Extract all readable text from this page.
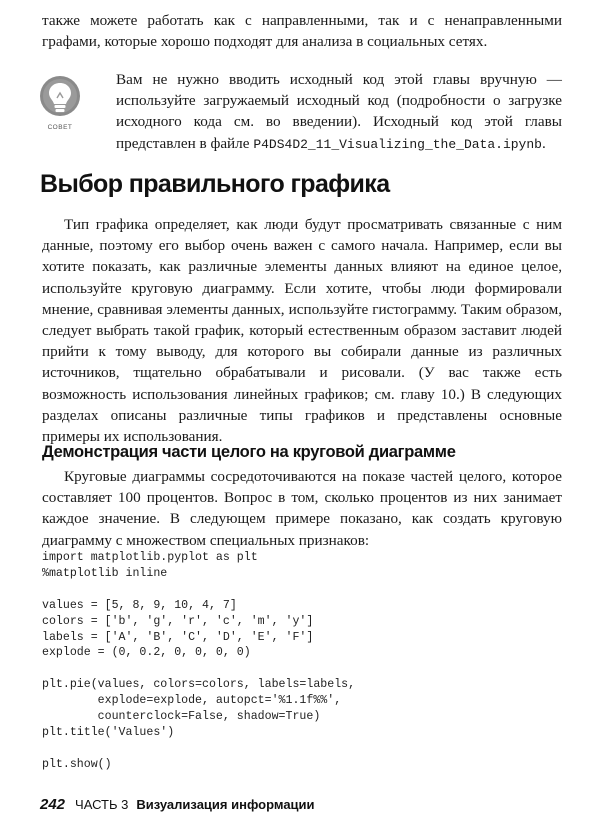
также можете работать как с направленными, так и с ненаправленными графами, которые хорошо подходят для анализа в социальных сетях.

СОВЕТ

Вам не нужно вводить исходный код этой главы вручную — используйте загружаемый исходный код (подробности о загрузке исходного кода см. во введении). Исходный код этой главы представлен в файле P4DS4D2_11_Visualizing_the_Data.ipynb.

Выбор правильного графика

Тип графика определяет, как люди будут просматривать связанные с ним данные, поэтому его выбор очень важен с самого начала. Например, если вы хотите показать, как различные элементы данных влияют на единое целое, используйте круговую диаграмму. Если хотите, чтобы люди формировали мнение, сравнивая элементы данных, используйте гистограмму. Таким образом, следует выбрать такой график, который естественным образом заставит людей прийти к тому выводу, для которого вы собирали данные из различных источников, тщательно обрабатывали и рисовали. (У вас также есть возможность использования линейных графиков; см. главу 10.) В следующих разделах описаны различные типы графиков и представлены основные примеры их использования.

Демонстрация части целого на круговой диаграмме

Круговые диаграммы сосредоточиваются на показе частей целого, которое составляет 100 процентов. Вопрос в том, сколько процентов из них занимает каждое значение. В следующем примере показано, как создать круговую диаграмму с множеством специальных признаков:

import matplotlib.pyplot as plt
%matplotlib inline

values = [5, 8, 9, 10, 4, 7]
colors = ['b', 'g', 'r', 'c', 'm', 'y']
labels = ['A', 'B', 'C', 'D', 'E', 'F']
explode = (0, 0.2, 0, 0, 0, 0)

plt.pie(values, colors=colors, labels=labels,
explode=explode, autopct='%1.1f%%',
counterclock=False, shadow=True)
plt.title('Values')

plt.show()
242 ЧАСТЬ 3 Визуализация информации
